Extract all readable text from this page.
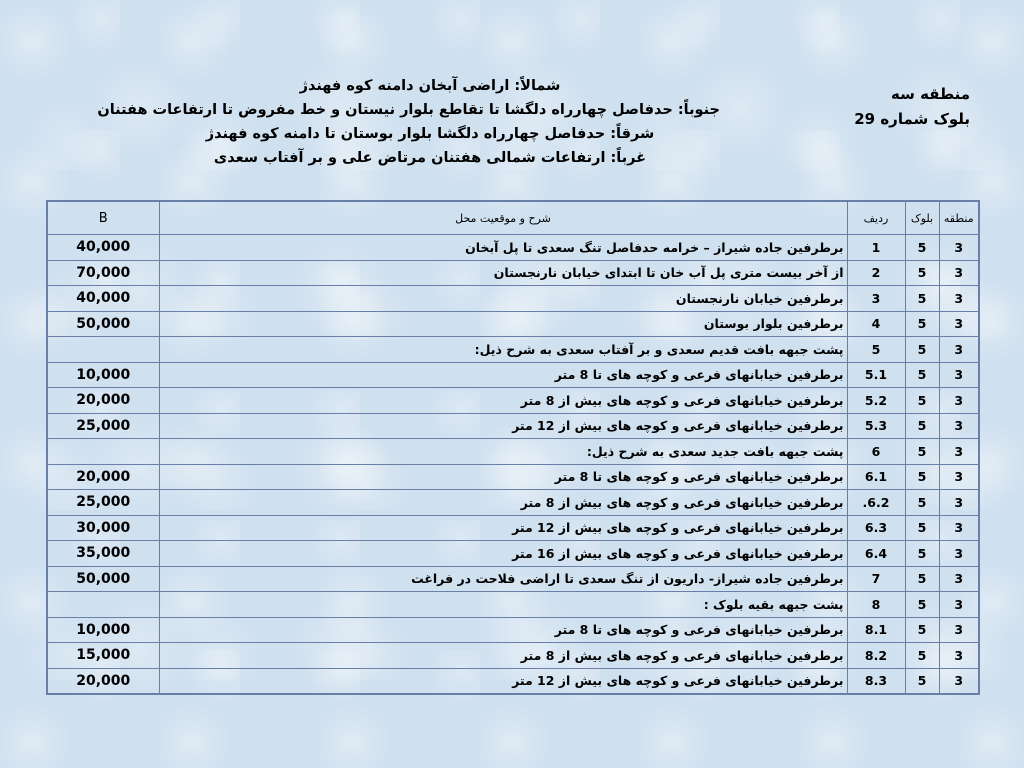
منطقه سه
بلوک شماره 29
شمالاً: اراضی آبخان دامنه کوه فهندژ
جنوباً: حدفاصل چهارراه دلگشا تا تقاطع بلوار نیستان و خط مفروض تا ارتفاعات هفتنان
شرقاً: حدفاصل چهارراه دلگشا بلوار بوستان تا دامنه کوه فهندژ
غرباً: ارتفاعات شمالی هفتنان مرتاض علی و بر آفتاب سعدی
منطقه	بلوک	ردیف	شرح و موقعیت محل	B
3	5	1	برطرفین جاده شیراز – خرامه حدفاصل تنگ سعدی تا پل آبخان	40,000
3	5	2	از آخر بیست متری پل آب خان تا ابتدای خیابان نارنجستان	70,000
3	5	3	برطرفین خیابان نارنجستان	40,000
3	5	4	برطرفین بلوار بوستان	50,000
3	5	5	پشت جبهه بافت قدیم سعدی و بر آفتاب سعدی به شرح ذیل:	
3	5	5.1	برطرفین خیابانهای فرعی و کوچه های تا 8 متر	10,000
3	5	5.2	برطرفین خیابانهای فرعی و کوچه های بیش از 8 متر	20,000
3	5	5.3	برطرفین خیابانهای فرعی و کوچه های بیش از 12 متر	25,000
3	5	6	پشت جبهه بافت جدید سعدی به شرح ذیل:	
3	5	6.1	برطرفین خیابانهای فرعی و کوچه های تا 8 متر	20,000
3	5	6.2.	برطرفین خیابانهای فرعی و کوچه های بیش از 8 متر	25,000
3	5	6.3	برطرفین خیابانهای فرعی و کوچه های بیش از 12 متر	30,000
3	5	6.4	برطرفین خیابانهای فرعی و کوچه های بیش از 16 متر	35,000
3	5	7	برطرفین جاده شیراز- داریون از تنگ سعدی تا اراضی فلاحت در فراغت	50,000
3	5	8	پشت جبهه بقیه بلوک :	
3	5	8.1	برطرفین خیابانهای فرعی و کوچه های تا 8 متر	10,000
3	5	8.2	برطرفین خیابانهای فرعی و کوچه های بیش از 8 متر	15,000
3	5	8.3	برطرفین خیابانهای فرعی و کوچه های بیش از 12 متر	20,000
